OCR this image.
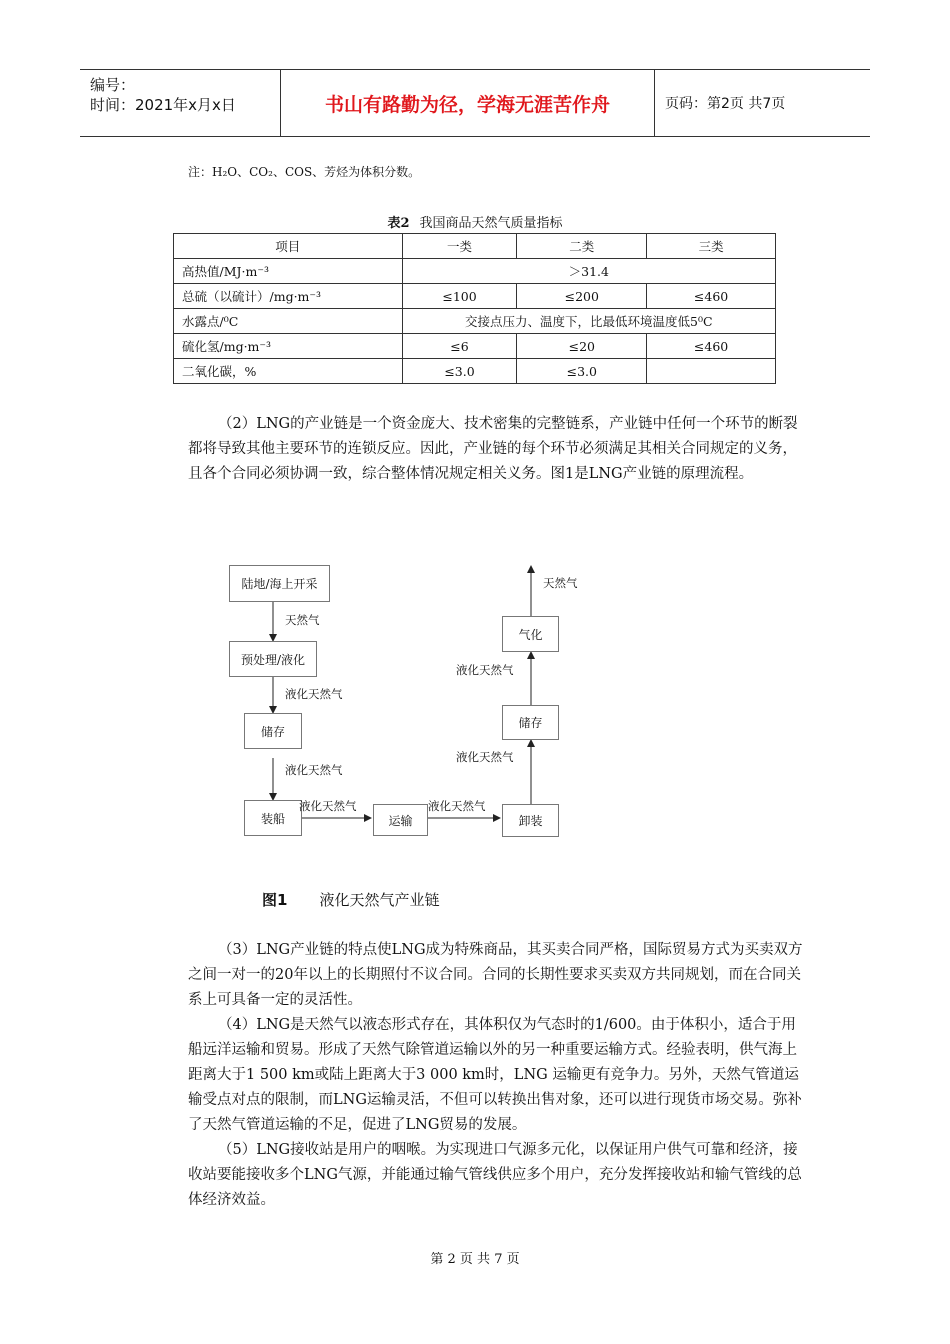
编号：
时间：2021年x月x日	书山有路勤为径，学海无涯苦作舟	页码：第2页 共7页
注：H₂O、CO₂、COS、芳烃为体积分数。
表2 我国商品天然气质量指标
项目	一类	二类	三类
高热值/MJ·m⁻³	＞31.4		
总硫（以硫计）/mg·m⁻³	≤100	≤200	≤460
水露点/⁰C	交接点压力、温度下，比最低环境温度低5⁰C		
硫化氢/mg·m⁻³	≤6	≤20	≤460
二氧化碳，%	≤3.0	≤3.0	

（2）LNG的产业链是一个资金庞大、技术密集的完整链系，产业链中任何一个环节的断裂都将导致其他主要环节的连锁反应。因此，产业链的每个环节必须满足其相关合同规定的义务，且各个合同必须协调一致，综合整体情况规定相关义务。图1是LNG产业链的原理流程。

陆地/海上开采
预处理/液化
储存
装船	运输	卸装
储存
气化
天然气
液化天然气
液化天然气
液化天然气	液化天然气
液化天然气
液化天然气
天然气
图1 液化天然气产业链

（3）LNG产业链的特点使LNG成为特殊商品，其买卖合同严格，国际贸易方式为买卖双方之间一对一的20年以上的长期照付不议合同。合同的长期性要求买卖双方共同规划，而在合同关系上可具备一定的灵活性。

（4）LNG是天然气以液态形式存在，其体积仅为气态时的1/600。由于体积小，适合于用船远洋运输和贸易。形成了天然气除管道运输以外的另一种重要运输方式。经验表明，供气海上距离大于1 500 km或陆上距离大于3 000 km时，LNG 运输更有竞争力。另外，天然气管道运输受点对点的限制，而LNG运输灵活，不但可以转换出售对象，还可以进行现货市场交易。弥补了天然气管道运输的不足，促进了LNG贸易的发展。

（5）LNG接收站是用户的咽喉。为实现进口气源多元化，以保证用户供气可靠和经济，接收站要能接收多个LNG气源，并能通过输气管线供应多个用户，充分发挥接收站和输气管线的总体经济效益。

第 2 页 共 7 页
